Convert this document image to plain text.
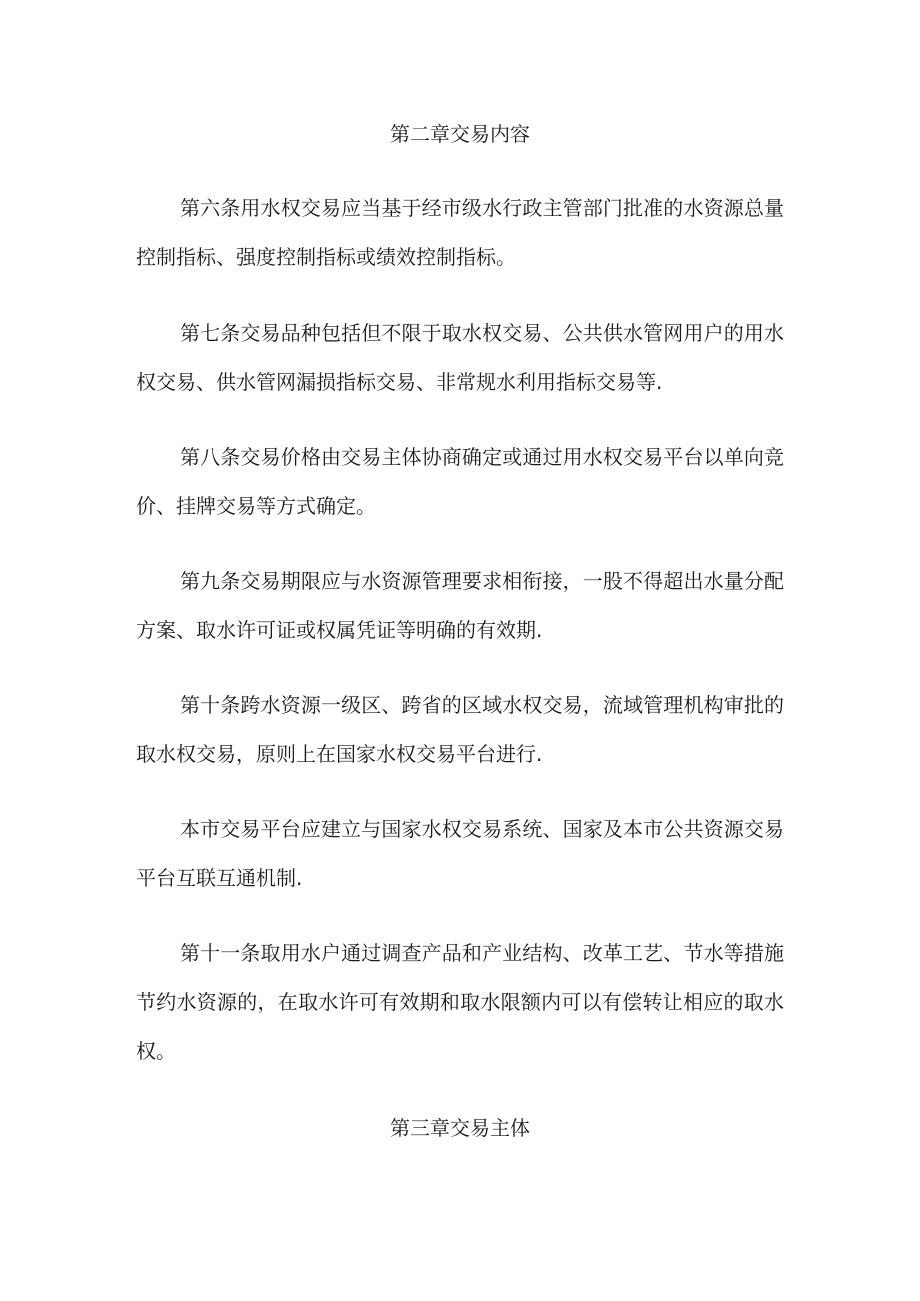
第二章交易内容

第六条用水权交易应当基于经市级水行政主管部门批准的水资源总量控制指标、强度控制指标或绩效控制指标。

第七条交易品种包括但不限于取水权交易、公共供水管网用户的用水权交易、供水管网漏损指标交易、非常规水利用指标交易等.

第八条交易价格由交易主体协商确定或通过用水权交易平台以单向竞价、挂牌交易等方式确定。

第九条交易期限应与水资源管理要求相衔接，一股不得超出水量分配方案、取水许可证或权属凭证等明确的有效期.

第十条跨水资源一级区、跨省的区域水权交易，流域管理机构审批的取水权交易，原则上在国家水权交易平台进行.

本市交易平台应建立与国家水权交易系统、国家及本市公共资源交易平台互联互通机制.

第十一条取用水户通过调查产品和产业结构、改革工艺、节水等措施节约水资源的，在取水许可有效期和取水限额内可以有偿转让相应的取水权。

第三章交易主体
